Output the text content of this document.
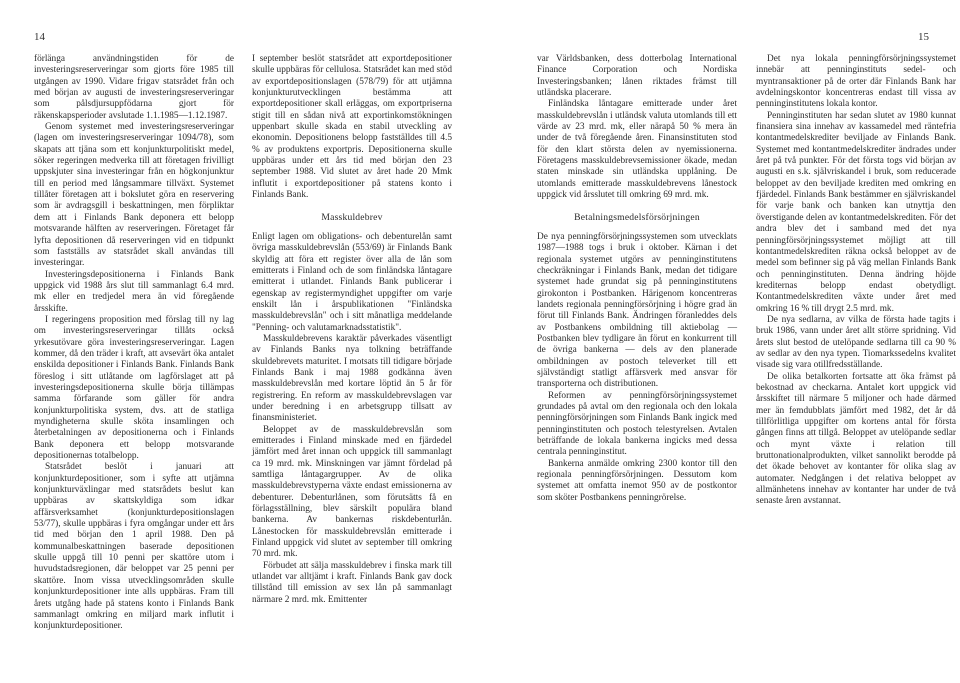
14	15

förlänga användningstiden för de investeringsreserveringar som gjorts före 1985 till utgången av 1990. Vidare frigav statsrådet från och med början av augusti de investeringsreserveringar som pålsdjursuppfödarna gjort för räkenskapsperioder avslutade 1.1.1985—1.12.1987.

Genom systemet med investeringsreserveringar (lagen om investeringsreserveringar 1094/78), som skapats att tjäna som ett konjunkturpolitiskt medel, söker regeringen medverka till att företagen frivilligt uppskjuter sina investeringar från en högkonjunktur till en period med långsammare tillväxt. Systemet tillåter företagen att i bokslutet göra en reservering som är avdragsgill i beskattningen, men förpliktar dem att i Finlands Bank deponera ett belopp motsvarande hälften av reserveringen. Företaget får lyfta depositionen då reserveringen vid en tidpunkt som fastställs av statsrådet skall användas till investeringar.

Investeringsdepositionerna i Finlands Bank uppgick vid 1988 års slut till sammanlagt 6.4 mrd. mk eller en tredjedel mera än vid föregående årsskifte.

I regeringens proposition med förslag till ny lag om investeringsreserveringar tillåts också yrkesutövare göra investeringsreserveringar. Lagen kommer, då den träder i kraft, att avsevärt öka antalet enskilda depositioner i Finlands Bank. Finlands Bank föreslog i sitt utlåtande om lagförslaget att på investeringsdepositionerna skulle börja tillämpas samma förfarande som gäller för andra konjunkturpolitiska system, dvs. att de statliga myndigheterna skulle sköta insamlingen och återbetalningen av depositionerna och i Finlands Bank deponera ett belopp motsvarande depositionernas totalbelopp.

Statsrådet beslöt i januari att konjunkturdepositioner, som i syfte att utjämna konjunkturväxlingar med statsrådets beslut kan uppbäras av skattskyldiga som idkar affärsverksamhet (konjunkturdepositionslagen 53/77), skulle uppbäras i fyra omgångar under ett års tid med början den 1 april 1988. Den på kommunalbeskattningen baserade depositionen skulle uppgå till 10 penni per skattöre utom i huvudstadsregionen, där beloppet var 25 penni per skattöre. Inom vissa utvecklingsområden skulle konjunkturdepositioner inte alls uppbäras. Fram till årets utgång hade på statens konto i Finlands Bank sammanlagt omkring en miljard mark influtit i konjunkturdepositioner.

I september beslöt statsrådet att exportdepositioner skulle uppbäras för cellulosa. Statsrådet kan med stöd av exportdepositionslagen (578/79) för att utjämna konjunkturutvecklingen bestämma att exportdepositioner skall erläggas, om exportpriserna stigit till en sådan nivå att exportinkomstökningen uppenbart skulle skada en stabil utveckling av ekonomin. Depositionens belopp fastställdes till 4.5 % av produktens exportpris. Depositionerna skulle uppbäras under ett års tid med början den 23 september 1988. Vid slutet av året hade 20 Mmk influtit i exportdepositioner på statens konto i Finlands Bank.

Masskuldebrev

Enligt lagen om obligations- och debenturelån samt övriga masskuldebrevslån (553/69) är Finlands Bank skyldig att föra ett register över alla de lån som emitterats i Finland och de som finländska låntagare emitterat i utlandet. Finlands Bank publicerar i egenskap av registermyndighet uppgifter om varje enskilt lån i årspublikationen "Finländska masskuldebrevslån" och i sitt månatliga meddelande "Penning- och valutamarknadsstatistik".

Masskuldebrevens karaktär påverkades väsentligt av Finlands Banks nya tolkning beträffande skuldebrevets maturitet. I motsats till tidigare började Finlands Bank i maj 1988 godkänna även masskuldebrevslån med kortare löptid än 5 år för registrering. En reform av masskuldebrevslagen var under beredning i en arbetsgrupp tillsatt av finansministeriet.

Beloppet av de masskuldebrevslån som emitterades i Finland minskade med en fjärdedel jämfört med året innan och uppgick till sammanlagt ca 19 mrd. mk. Minskningen var jämnt fördelad på samtliga låntagargrupper. Av de olika masskuldebrevstyperna växte endast emissionerna av debenturer. Debenturlånen, som förutsätts få en förlagsställning, blev särskilt populära bland bankerna. Av bankernas riskdebenturlån. Lånestocken för masskuldebrevslån emitterade i Finland uppgick vid slutet av september till omkring 70 mrd. mk.

Förbudet att sälja masskuldebrev i finska mark till utlandet var alltjämt i kraft. Finlands Bank gav dock tillstånd till emission av sex lån på sammanlagt närmare 2 mrd. mk. Emittenter

var Världsbanken, dess dotterbolag International Finance Corporation och Nordiska Investeringsbanken; lånen riktades främst till utländska placerare.

Finländska låntagare emitterade under året masskuldebrevslån i utländsk valuta utomlands till ett värde av 23 mrd. mk, eller närapå 50 % mera än under de två föregående åren. Finansinstituten stod för den klart största delen av nyemissionerna. Företagens masskuldebrevsemissioner ökade, medan staten minskade sin utländska upplåning. De utomlands emitterade masskuldebrevens lånestock uppgick vid årsslutet till omkring 69 mrd. mk.

Betalningsmedelsförsörjningen

De nya penningförsörjningssystemen som utvecklats 1987—1988 togs i bruk i oktober. Kärnan i det regionala systemet utgörs av penninginstitutens checkräkningar i Finlands Bank, medan det tidigare systemet hade grundat sig på penninginstitutens girokonton i Postbanken. Härigenom koncentreras landets regionala penningförsörjning i högre grad än förut till Finlands Bank. Ändringen föranleddes dels av Postbankens ombildning till aktiebolag — Postbanken blev tydligare än förut en konkurrent till de övriga bankerna — dels av den planerade ombildningen av postoch televerket till ett självständigt statligt affärsverk med ansvar för transporterna och distributionen.

Reformen av penningförsörjningssystemet grundades på avtal om den regionala och den lokala penningförsörjningen som Finlands Bank ingick med penninginstituten och postoch telestyrelsen. Avtalen beträffande de lokala bankerna ingicks med dessa centrala penninginstitut.

Bankerna anmälde omkring 2300 kontor till den regionala penningförsörjningen. Dessutom kom systemet att omfatta inemot 950 av de postkontor som sköter Postbankens penningrörelse.

Det nya lokala penningförsörjningssystemet innebär att penninginstituts sedel- och myntransaktioner på de orter där Finlands Bank har avdelningskontor koncentreras endast till vissa av penninginstitutens lokala kontor.

Penninginstituten har sedan slutet av 1980 kunnat finansiera sina innehav av kassamedel med räntefria kontantmedelskrediter beviljade av Finlands Bank. Systemet med kontantmedelskrediter ändrades under året på två punkter. För det första togs vid början av augusti en s.k. självriskandel i bruk, som reducerade beloppet av den beviljade krediten med omkring en fjärdedel. Finlands Bank bestämmer en självriskandel för varje bank och banken kan utnyttja den överstigande delen av kontantmedelskrediten. För det andra blev det i samband med det nya penningförsörjningssystemet möjligt att till kontantmedelskrediten räkna också beloppet av de medel som befinner sig på väg mellan Finlands Bank och penninginstituten. Denna ändring höjde krediternas belopp endast obetydligt. Kontantmedelskrediten växte under året med omkring 16 % till drygt 2.5 mrd. mk.

De nya sedlarna, av vilka de första hade tagits i bruk 1986, vann under året allt större spridning. Vid årets slut bestod de utelöpande sedlarna till ca 90 % av sedlar av den nya typen. Tiomarkssedelns kvalitet visade sig vara otillfredsställande.

De olika betalkorten fortsatte att öka främst på bekostnad av checkarna. Antalet kort uppgick vid årsskiftet till närmare 5 miljoner och hade därmed mer än femdubblats jämfört med 1982, det år då tillförlitliga uppgifter om kortens antal för första gången finns att tillgå. Beloppet av utelöpande sedlar och mynt växte i relation till bruttonationalprodukten, vilket sannolikt berodde på det ökade behovet av kontanter för olika slag av automater. Nedgången i det relativa beloppet av allmänhetens innehav av kontanter har under de två senaste åren avstannat.
